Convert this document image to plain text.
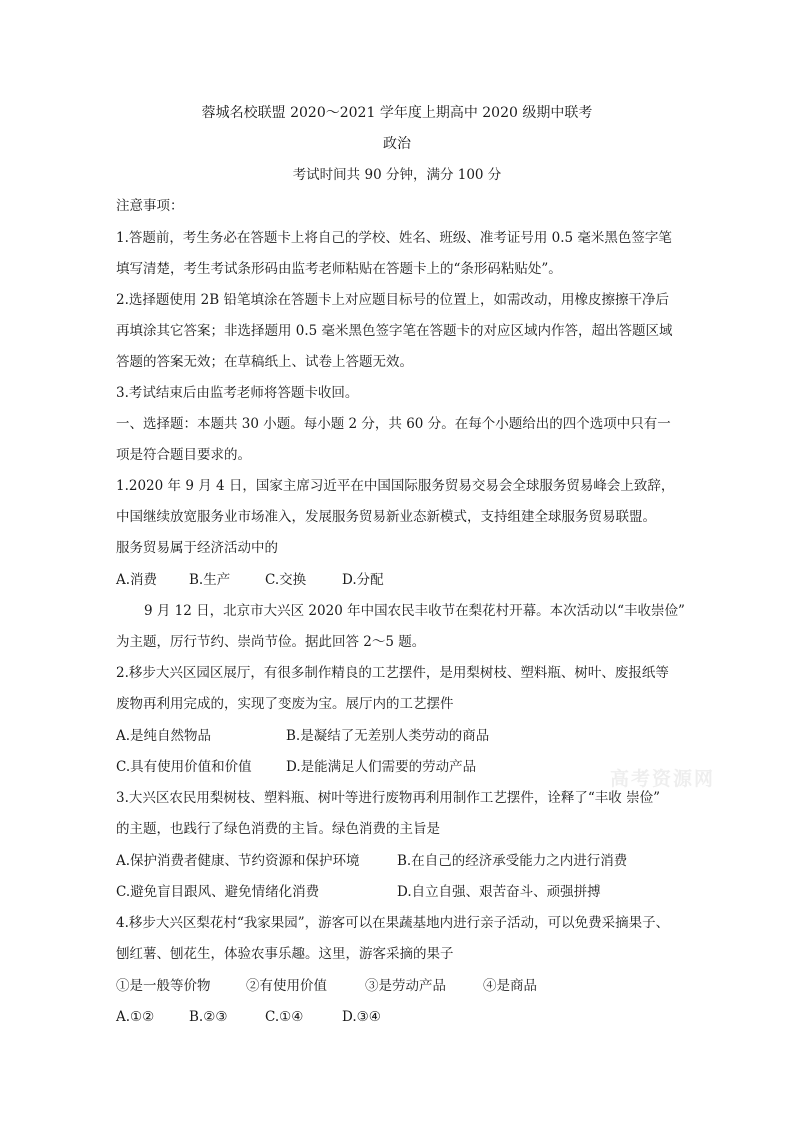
蓉城名校联盟 2020～2021 学年度上期高中 2020 级期中联考
政治
考试时间共 90 分钟，满分 100 分
注意事项：
1.答题前，考生务必在答题卡上将自己的学校、姓名、班级、准考证号用 0.5 毫米黑色签字笔
填写清楚，考生考试条形码由监考老师粘贴在答题卡上的“条形码粘贴处”。
2.选择题使用 2B 铅笔填涂在答题卡上对应题目标号的位置上，如需改动，用橡皮擦擦干净后
再填涂其它答案；非选择题用 0.5 毫米黑色签字笔在答题卡的对应区域内作答，超出答题区域
答题的答案无效；在草稿纸上、试卷上答题无效。
3.考试结束后由监考老师将答题卡收回。
一、选择题：本题共 30 小题。每小题 2 分，共 60 分。在每个小题给出的四个选项中只有一
项是符合题目要求的。
1.2020 年 9 月 4 日，国家主席习近平在中国国际服务贸易交易会全球服务贸易峰会上致辞，
中国继续放宽服务业市场准入，发展服务贸易新业态新模式，支持组建全球服务贸易联盟。
服务贸易属于经济活动中的
A.消费 B.生产	C.交换	D.分配
9 月 12 日，北京市大兴区 2020 年中国农民丰收节在梨花村开幕。本次活动以“丰收崇俭”
为主题，厉行节约、崇尚节俭。据此回答 2～5 题。
2.移步大兴区园区展厅，有很多制作精良的工艺摆件，是用梨树枝、塑料瓶、树叶、废报纸等
废物再利用完成的，实现了变废为宝。展厅内的工艺摆件
A.是纯自然物品	B.是凝结了无差别人类劳动的商品
C.具有使用价值和价值	D.是能满足人们需要的劳动产品
高考资源网
3.大兴区农民用梨树枝、塑料瓶、树叶等进行废物再利用制作工艺摆件，诠释了“丰收 崇俭”
的主题，也践行了绿色消费的主旨。绿色消费的主旨是
A.保护消费者健康、节约资源和保护环境	B.在自己的经济承受能力之内进行消费
C.避免盲目跟风、避免情绪化消费	D.自立自强、艰苦奋斗、顽强拼搏
4.移步大兴区梨花村“我家果园”，游客可以在果蔬基地内进行亲子活动，可以免费采摘果子、
刨红薯、刨花生，体验农事乐趣。这里，游客采摘的果子
①是一般等价物	②有使用价值	③是劳动产品	④是商品
A.①②	B.②③	C.①④	D.③④
